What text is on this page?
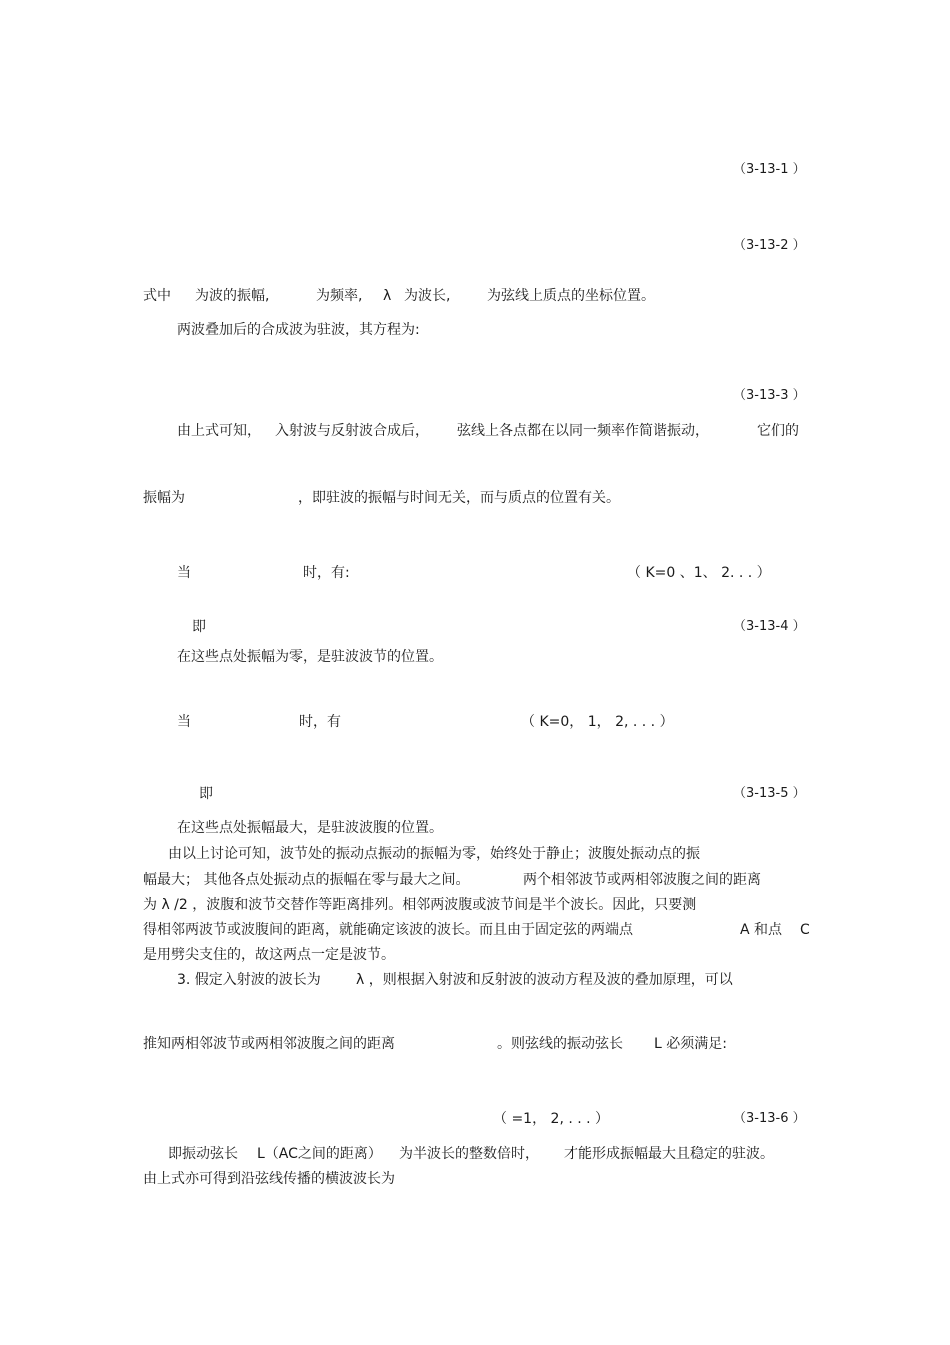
（3-13-1 ）
（3-13-2 ）
式中 为波的振幅,	为频率, λ 为波长,	为弦线上质点的坐标位置。
两波叠加后的合成波为驻波，其方程为:
（3-13-3 ）
由上式可知， 入射波与反射波合成后， 弦线上各点都在以同一频率作简谐振动，	它们的
振幅为	，即驻波的振幅与时间无关，而与质点的位置有关。
当	时，有:	（ K=0 、1、 2. . . ）
即	（3-13-4 ）
在这些点处振幅为零，是驻波波节的位置。
当	时，有	（ K=0， 1， 2, . . . ）
即	（3-13-5 ）
在这些点处振幅最大，是驻波波腹的位置。
由以上讨论可知，波节处的振动点振动的振幅为零，始终处于静止；波腹处振动点的振
幅最大； 其他各点处振动点的振幅在零与最大之间。	两个相邻波节或两相邻波腹之间的距离
为 λ /2 ，波腹和波节交替作等距离排列。相邻两波腹或波节间是半个波长。因此，只要测
得相邻两波节或波腹间的距离，就能确定该波的波长。而且由于固定弦的两端点	A 和点 C
是用劈尖支住的，故这两点一定是波节。
3. 假定入射波的波长为	λ ，则根据入射波和反射波的波动方程及波的叠加原理，可以
推知两相邻波节或两相邻波腹之间的距离	。则弦线的振动弦长 L 必须满足:
（ =1， 2, . . . ）	（3-13-6 ）
即振动弦长 L（AC之间的距离） 为半波长的整数倍时， 才能形成振幅最大且稳定的驻波。
由上式亦可得到沿弦线传播的横波波长为
